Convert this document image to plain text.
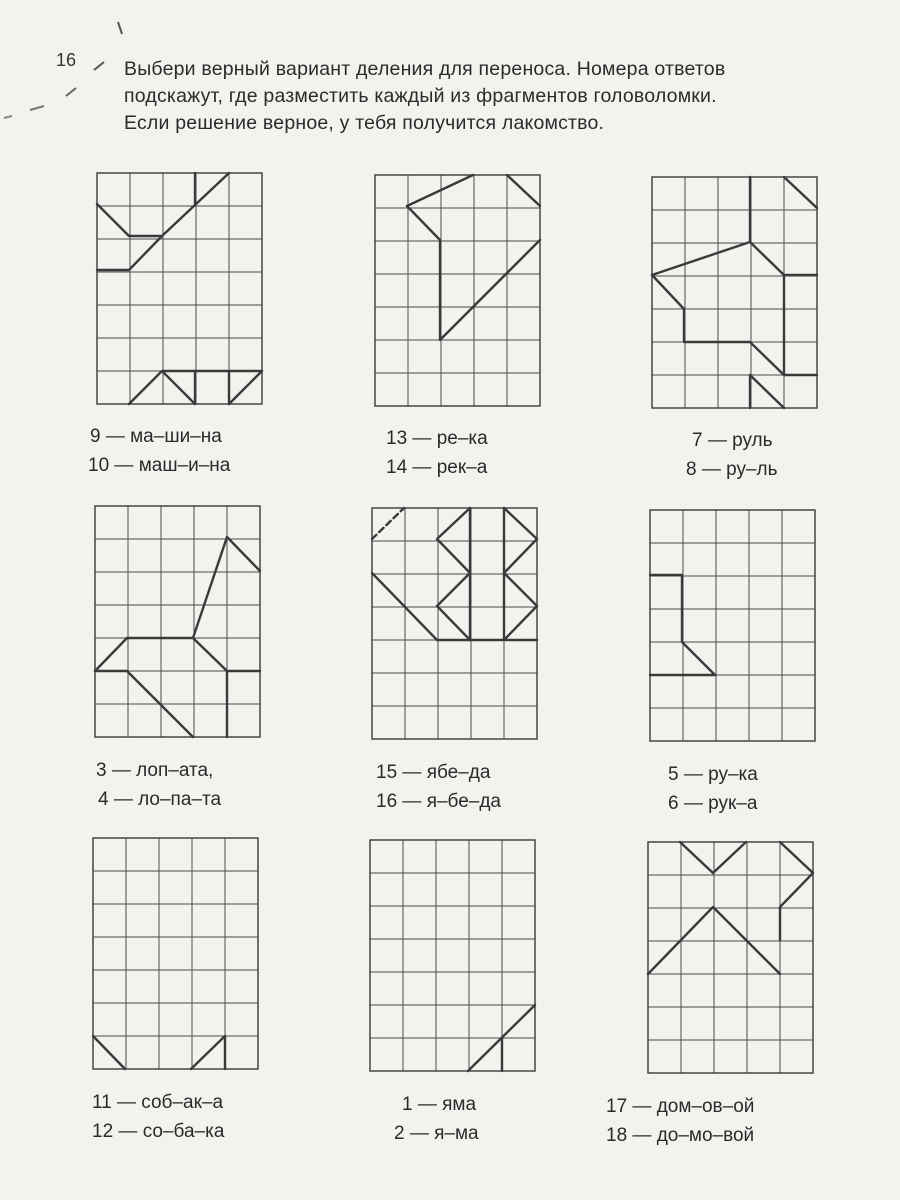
16 Выбери верный вариант деления для переноса. Номера ответов
подскажут, где разместить каждый из фрагментов головоломки.
Если решение верное, у тебя получится лакомство.
9 — ма–ши–на
10 — маш–и–на
13 — ре–ка
14 — рек–а
7 — руль
8 — ру–ль
3 — лоп–ата,
4 — ло–па–та
15 — ябе–да
16 — я–бе–да
5 — ру–ка
6 — рук–а
11 — соб–ак–а
12 — со–ба–ка
1 — яма
2 — я–ма
17 — дом–ов–ой
18 — до–мо–вой
